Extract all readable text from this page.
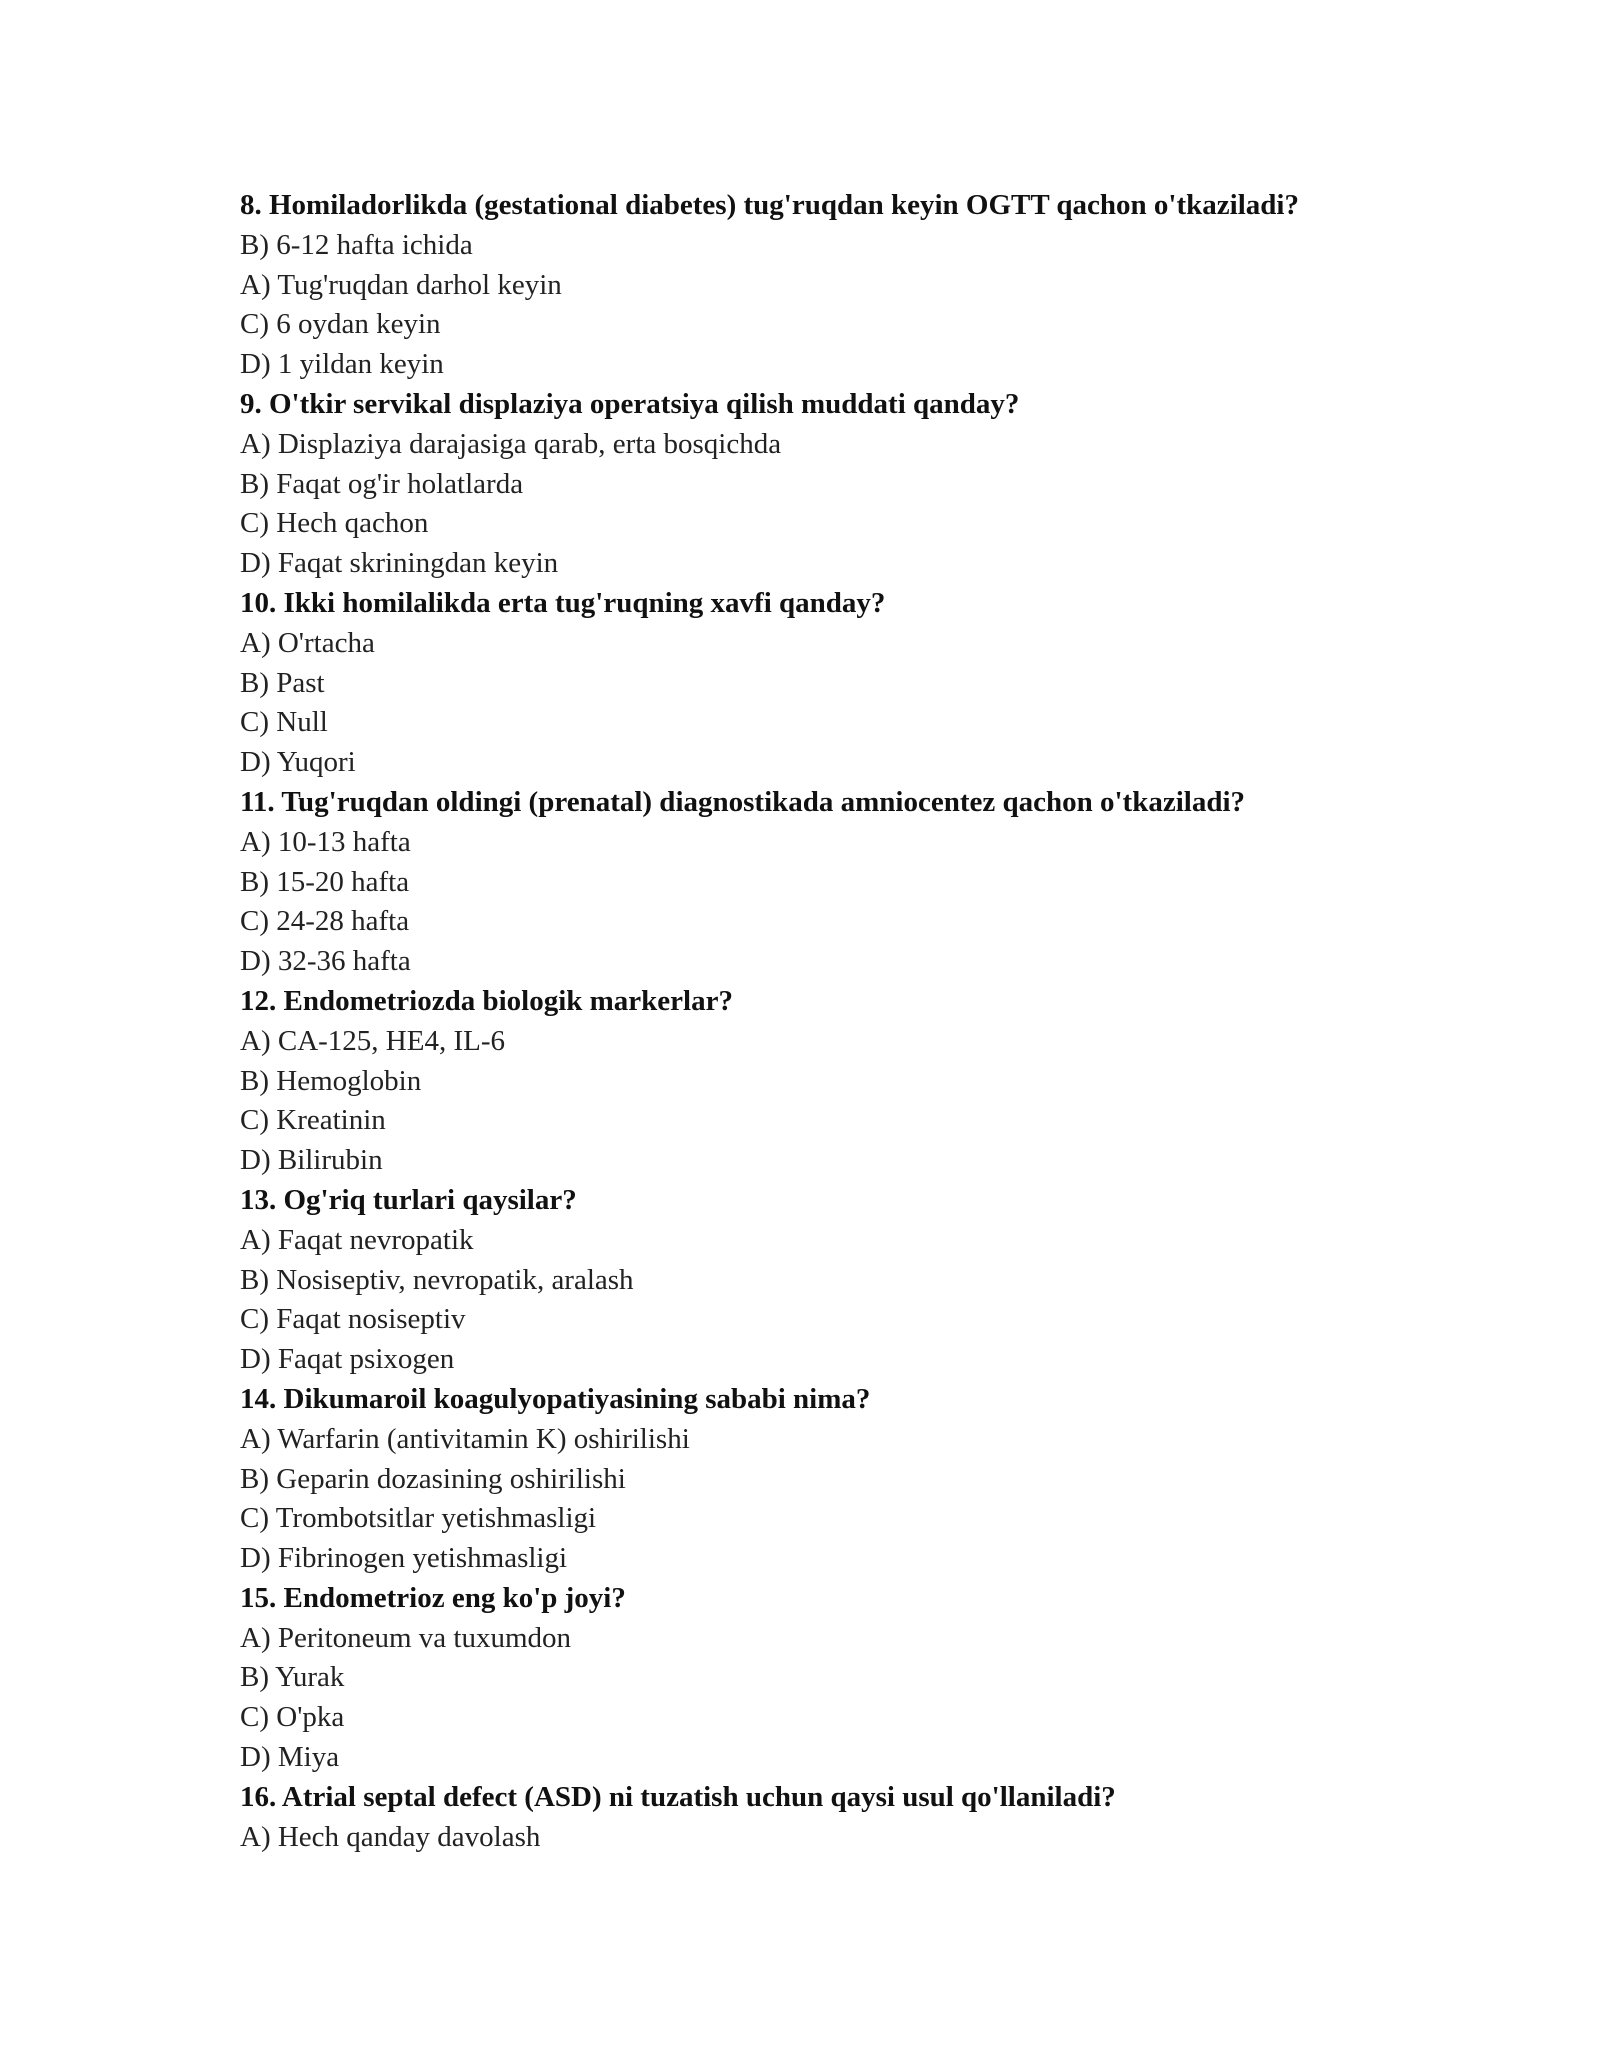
8. Homiladorlikda (gestational diabetes) tug'ruqdan keyin OGTT qachon o'tkaziladi?
B) 6-12 hafta ichida
A) Tug'ruqdan darhol keyin
C) 6 oydan keyin
D) 1 yildan keyin
9. O'tkir servikal displaziya operatsiya qilish muddati qanday?
A) Displaziya darajasiga qarab, erta bosqichda
B) Faqat og'ir holatlarda
C) Hech qachon
D) Faqat skriningdan keyin
10. Ikki homilalikda erta tug'ruqning xavfi qanday?
A) O'rtacha
B) Past
C) Null
D) Yuqori
11. Tug'ruqdan oldingi (prenatal) diagnostikada amniocentez qachon o'tkaziladi?
A) 10-13 hafta
B) 15-20 hafta
C) 24-28 hafta
D) 32-36 hafta
12. Endometriozda biologik markerlar?
A) CA-125, HE4, IL-6
B) Hemoglobin
C) Kreatinin
D) Bilirubin
13. Og'riq turlari qaysilar?
A) Faqat nevropatik
B) Nosiseptiv, nevropatik, aralash
C) Faqat nosiseptiv
D) Faqat psixogen
14. Dikumaroil koagulyopatiyasining sababi nima?
A) Warfarin (antivitamin K) oshirilishi
B) Geparin dozasining oshirilishi
C) Trombotsitlar yetishmasligi
D) Fibrinogen yetishmasligi
15. Endometrioz eng ko'p joyi?
A) Peritoneum va tuxumdon
B) Yurak
C) O'pka
D) Miya
16. Atrial septal defect (ASD) ni tuzatish uchun qaysi usul qo'llaniladi?
A) Hech qanday davolash
